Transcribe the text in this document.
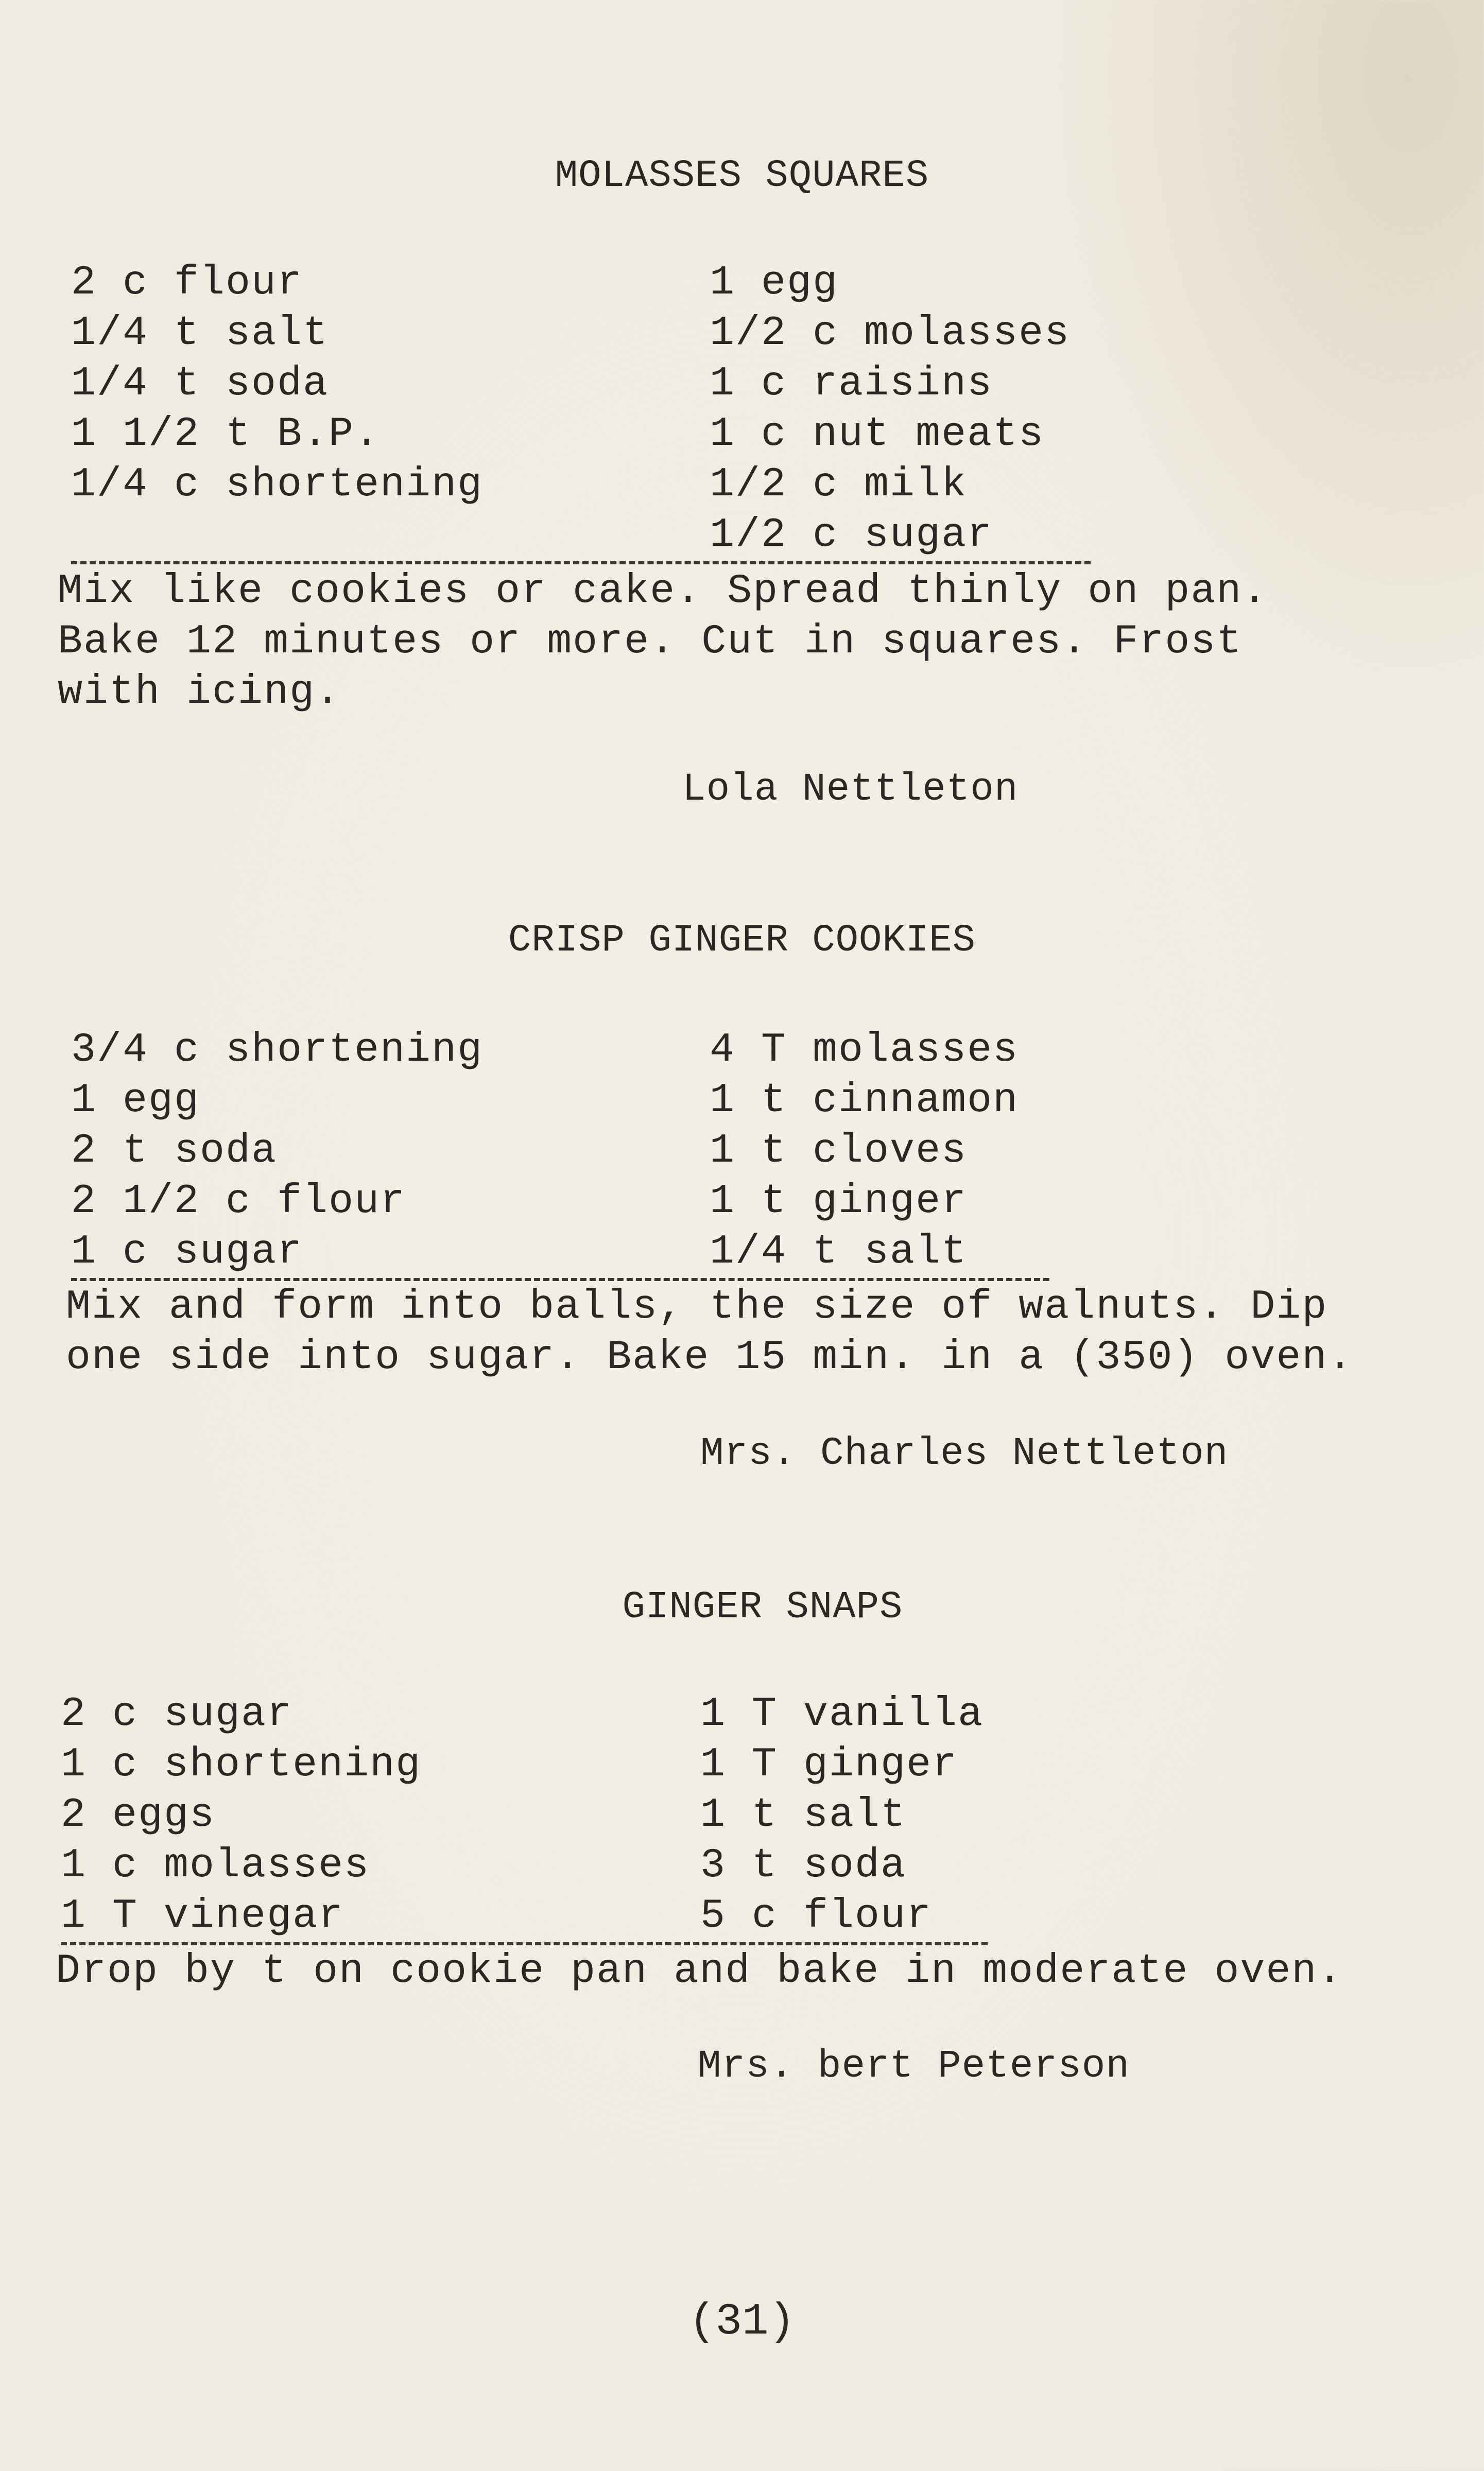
MOLASSES SQUARES
2 c flour
1/4 t salt
1/4 t soda
1 1/2 t B.P.
1/4 c shortening
1 egg
1/2 c molasses
1 c raisins
1 c nut meats
1/2 c milk
1/2 c sugar
Mix like cookies or cake. Spread thinly on pan.
Bake 12 minutes or more. Cut in squares. Frost
with icing.
Lola Nettleton
CRISP GINGER COOKIES
3/4 c shortening
1 egg
2 t soda
2 1/2 c flour
1 c sugar
4 T molasses
1 t cinnamon
1 t cloves
1 t ginger
1/4 t salt
Mix and form into balls, the size of walnuts. Dip
one side into sugar. Bake 15 min. in a (350) oven.
Mrs. Charles Nettleton
GINGER SNAPS
2 c sugar
1 c shortening
2 eggs
1 c molasses
1 T vinegar
1 T vanilla
1 T ginger
1 t salt
3 t soda
5 c flour
Drop by t on cookie pan and bake in moderate oven.
Mrs. bert Peterson
(31)
